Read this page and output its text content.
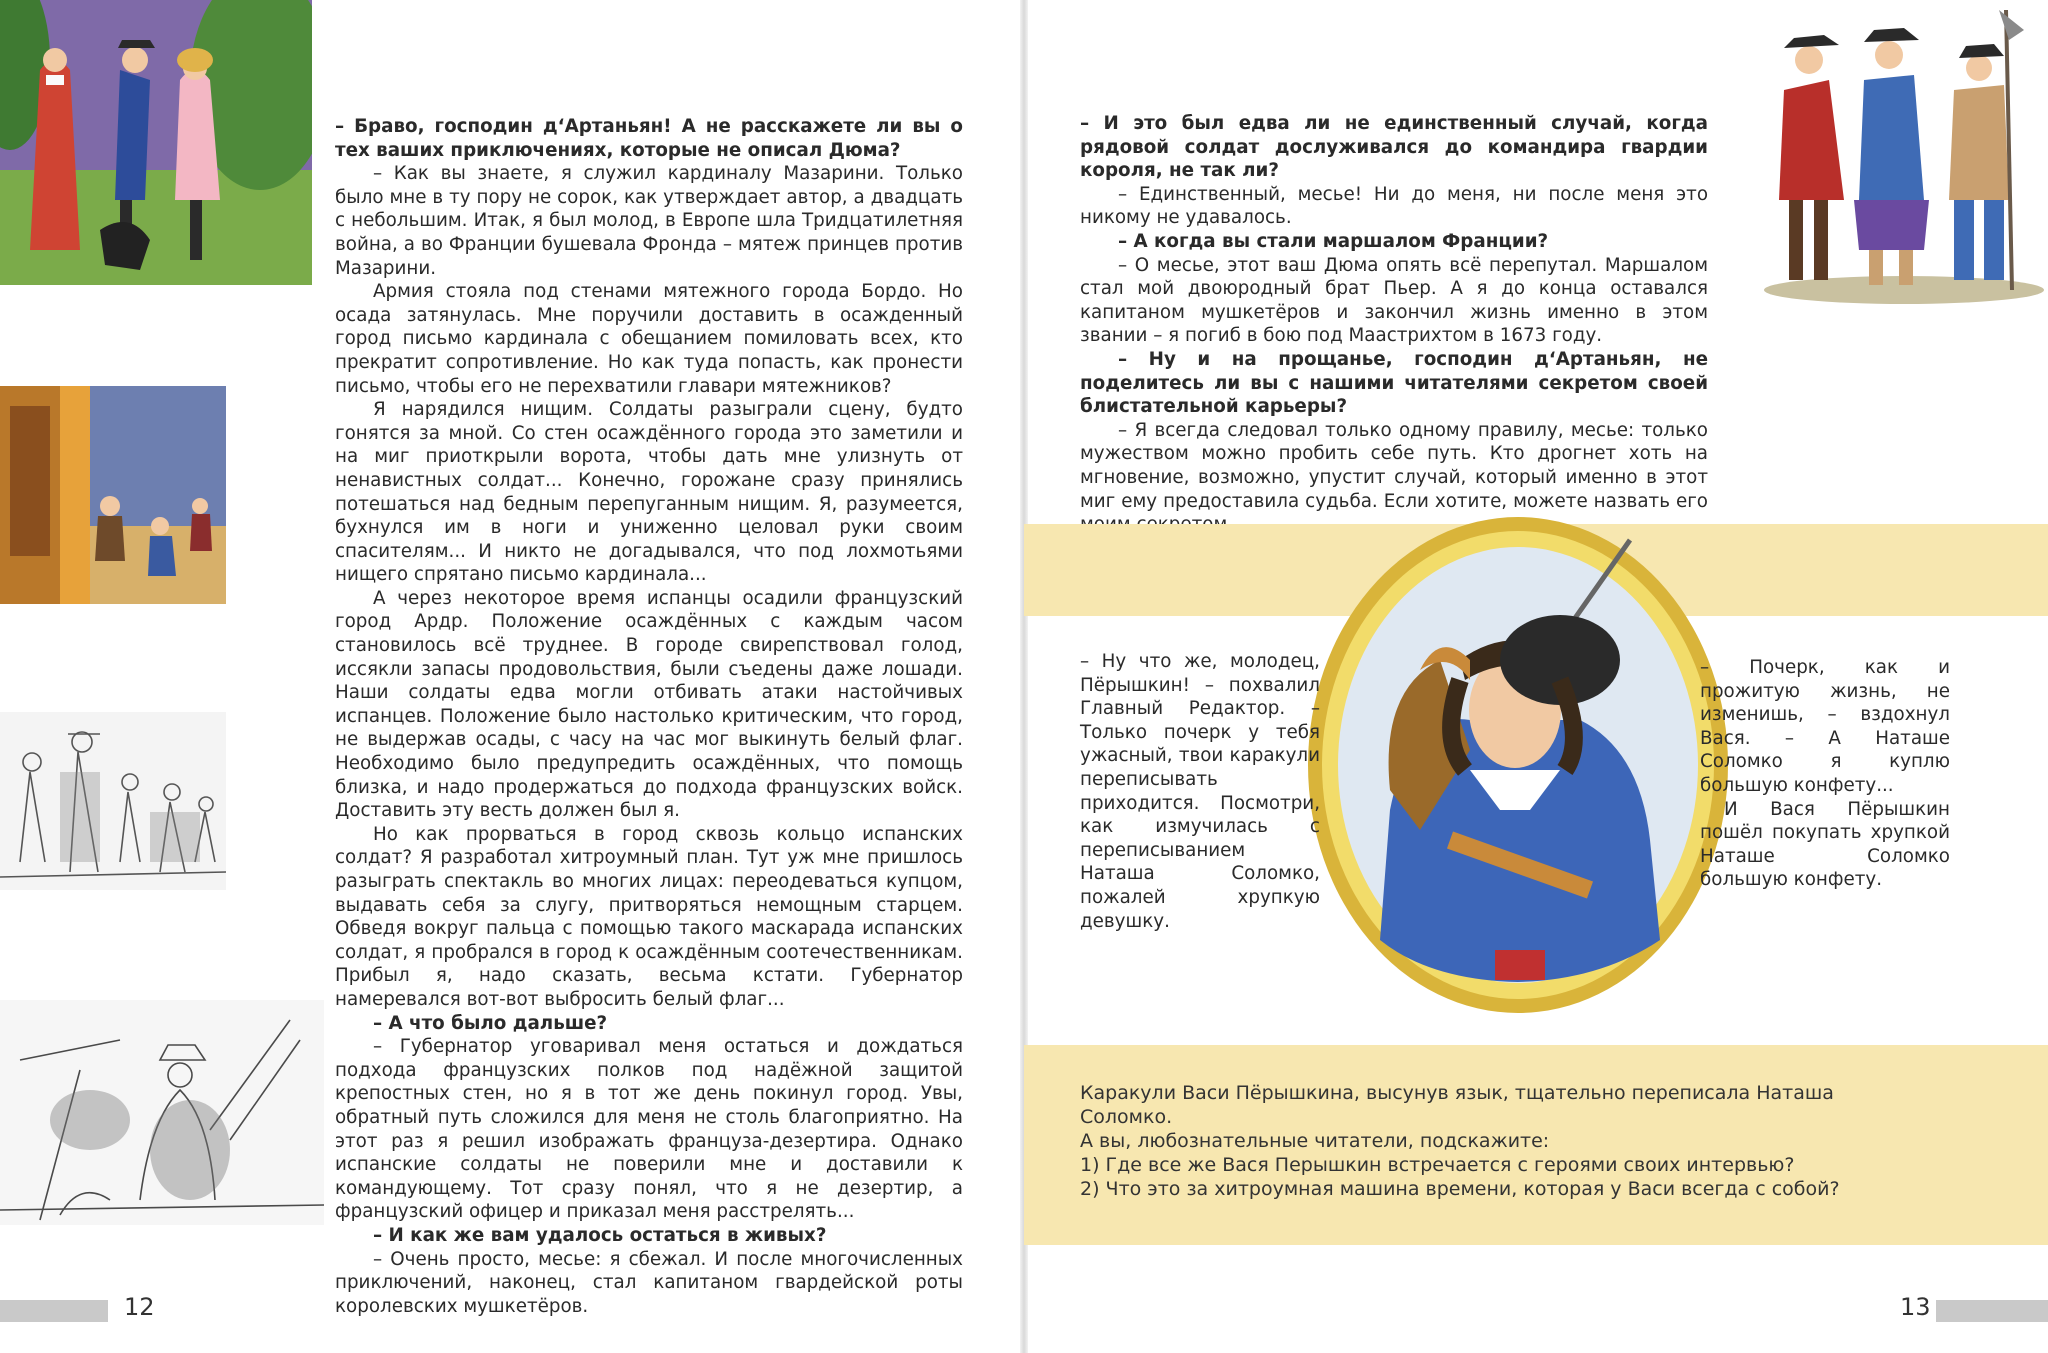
– Браво, господин д‘Артаньян! А не расскажете ли вы о тех ваших приключениях, которые не описал Дюма?

– Как вы знаете, я служил кардиналу Мазарини. Только было мне в ту пору не сорок, как утверждает автор, а двадцать с небольшим. Итак, я был молод, в Европе шла Тридцатилетняя война, а во Франции бушевала Фронда – мятеж принцев против Мазарини.

Армия стояла под стенами мятежного города Бордо. Но осада затянулась. Мне поручили доставить в осажденный город письмо кардинала с обещанием помиловать всех, кто прекратит сопротивление. Но как туда попасть, как пронести письмо, чтобы его не перехватили главари мятежников?

Я нарядился нищим. Солдаты разыграли сцену, будто гонятся за мной. Со стен осаждённого города это заметили и на миг приоткрыли ворота, чтобы дать мне улизнуть от ненавистных солдат... Конечно, горожане сразу принялись потешаться над бедным перепуганным нищим. Я, разумеется, бухнулся им в ноги и униженно целовал руки своим спасителям... И никто не догадывался, что под лохмотьями нищего спрятано письмо кардинала...

А через некоторое время испанцы осадили французский город Ардр. Положение осаждённых с каждым часом становилось всё труднее. В городе свирепствовал голод, иссякли запасы продовольствия, были съедены даже лошади. Наши солдаты едва могли отбивать атаки настойчивых испанцев. Положение было настолько критическим, что город, не выдержав осады, с часу на час мог выкинуть белый флаг. Необходимо было предупредить осаждённых, что помощь близка, и надо продержаться до подхода французских войск. Доставить эту весть должен был я.

Но как прорваться в город сквозь кольцо испанских солдат? Я разработал хитроумный план. Тут уж мне пришлось разыграть спектакль во многих лицах: переодеваться купцом, выдавать себя за слугу, притворяться немощным старцем. Обведя вокруг пальца с помощью такого маскарада испанских солдат, я пробрался в город к осаждённым соотечественникам. Прибыл я, надо сказать, весьма кстати. Губернатор намеревался вот-вот выбросить белый флаг...

– А что было дальше?

– Губернатор уговаривал меня остаться и дождаться подхода французских полков под надёжной защитой крепостных стен, но я в тот же день покинул город. Увы, обратный путь сложился для меня не столь благоприятно. На этот раз я решил изображать француза-дезертира. Однако испанские солдаты не поверили мне и доставили к командующему. Тот сразу понял, что я не дезертир, а французский офицер и приказал меня расстрелять...

– И как же вам удалось остаться в живых?

– Очень просто, месье: я сбежал. И после многочисленных приключений, наконец, стал капитаном гвардейской роты королевских мушкетёров.

12

– И это был едва ли не единственный случай, когда рядовой солдат дослуживался до командира гвардии короля, не так ли?

– Единственный, месье! Ни до меня, ни после меня это никому не удавалось.

– А когда вы стали маршалом Франции?

– О месье, этот ваш Дюма опять всё перепутал. Маршалом стал мой двоюродный брат Пьер. А я до конца оставался капитаном мушкетёров и закончил жизнь именно в этом звании – я погиб в бою под Маастрихтом в 1673 году.

– Ну и на прощанье, господин д‘Артаньян, не поделитесь ли вы с нашими читателями секретом своей блистательной карьеры?

– Я всегда следовал только одному правилу, месье: только мужеством можно пробить себе путь. Кто дрогнет хоть на мгновение, возможно, упустит случай, который именно в этот миг ему предоставила судьба. Если хотите, можете назвать его

– Ну что же, молодец, Пёрышкин! – похвалил Главный Редактор. – Только почерк у тебя ужасный, твои каракули переписывать приходится. Посмотри, как измучилась с переписыванием Наташа Соломко, пожалей хрупкую девушку.

– Почерк, как и прожитую жизнь, не изменишь, – вздохнул Вася. – А Наташе Соломко я куплю большую конфету...

И Вася Пёрышкин пошёл покупать хрупкой Наташе Соломко большую конфету.

Каракули Васи Пёрышкина, высунув язык, тщательно переписала Наташа Соломко.

А вы, любознательные читатели, подскажите:

1) Где все же Вася Перышкин встречается с героями своих интервью?

2) Что это за хитроумная машина времени, которая у Васи всегда с собой?

13
